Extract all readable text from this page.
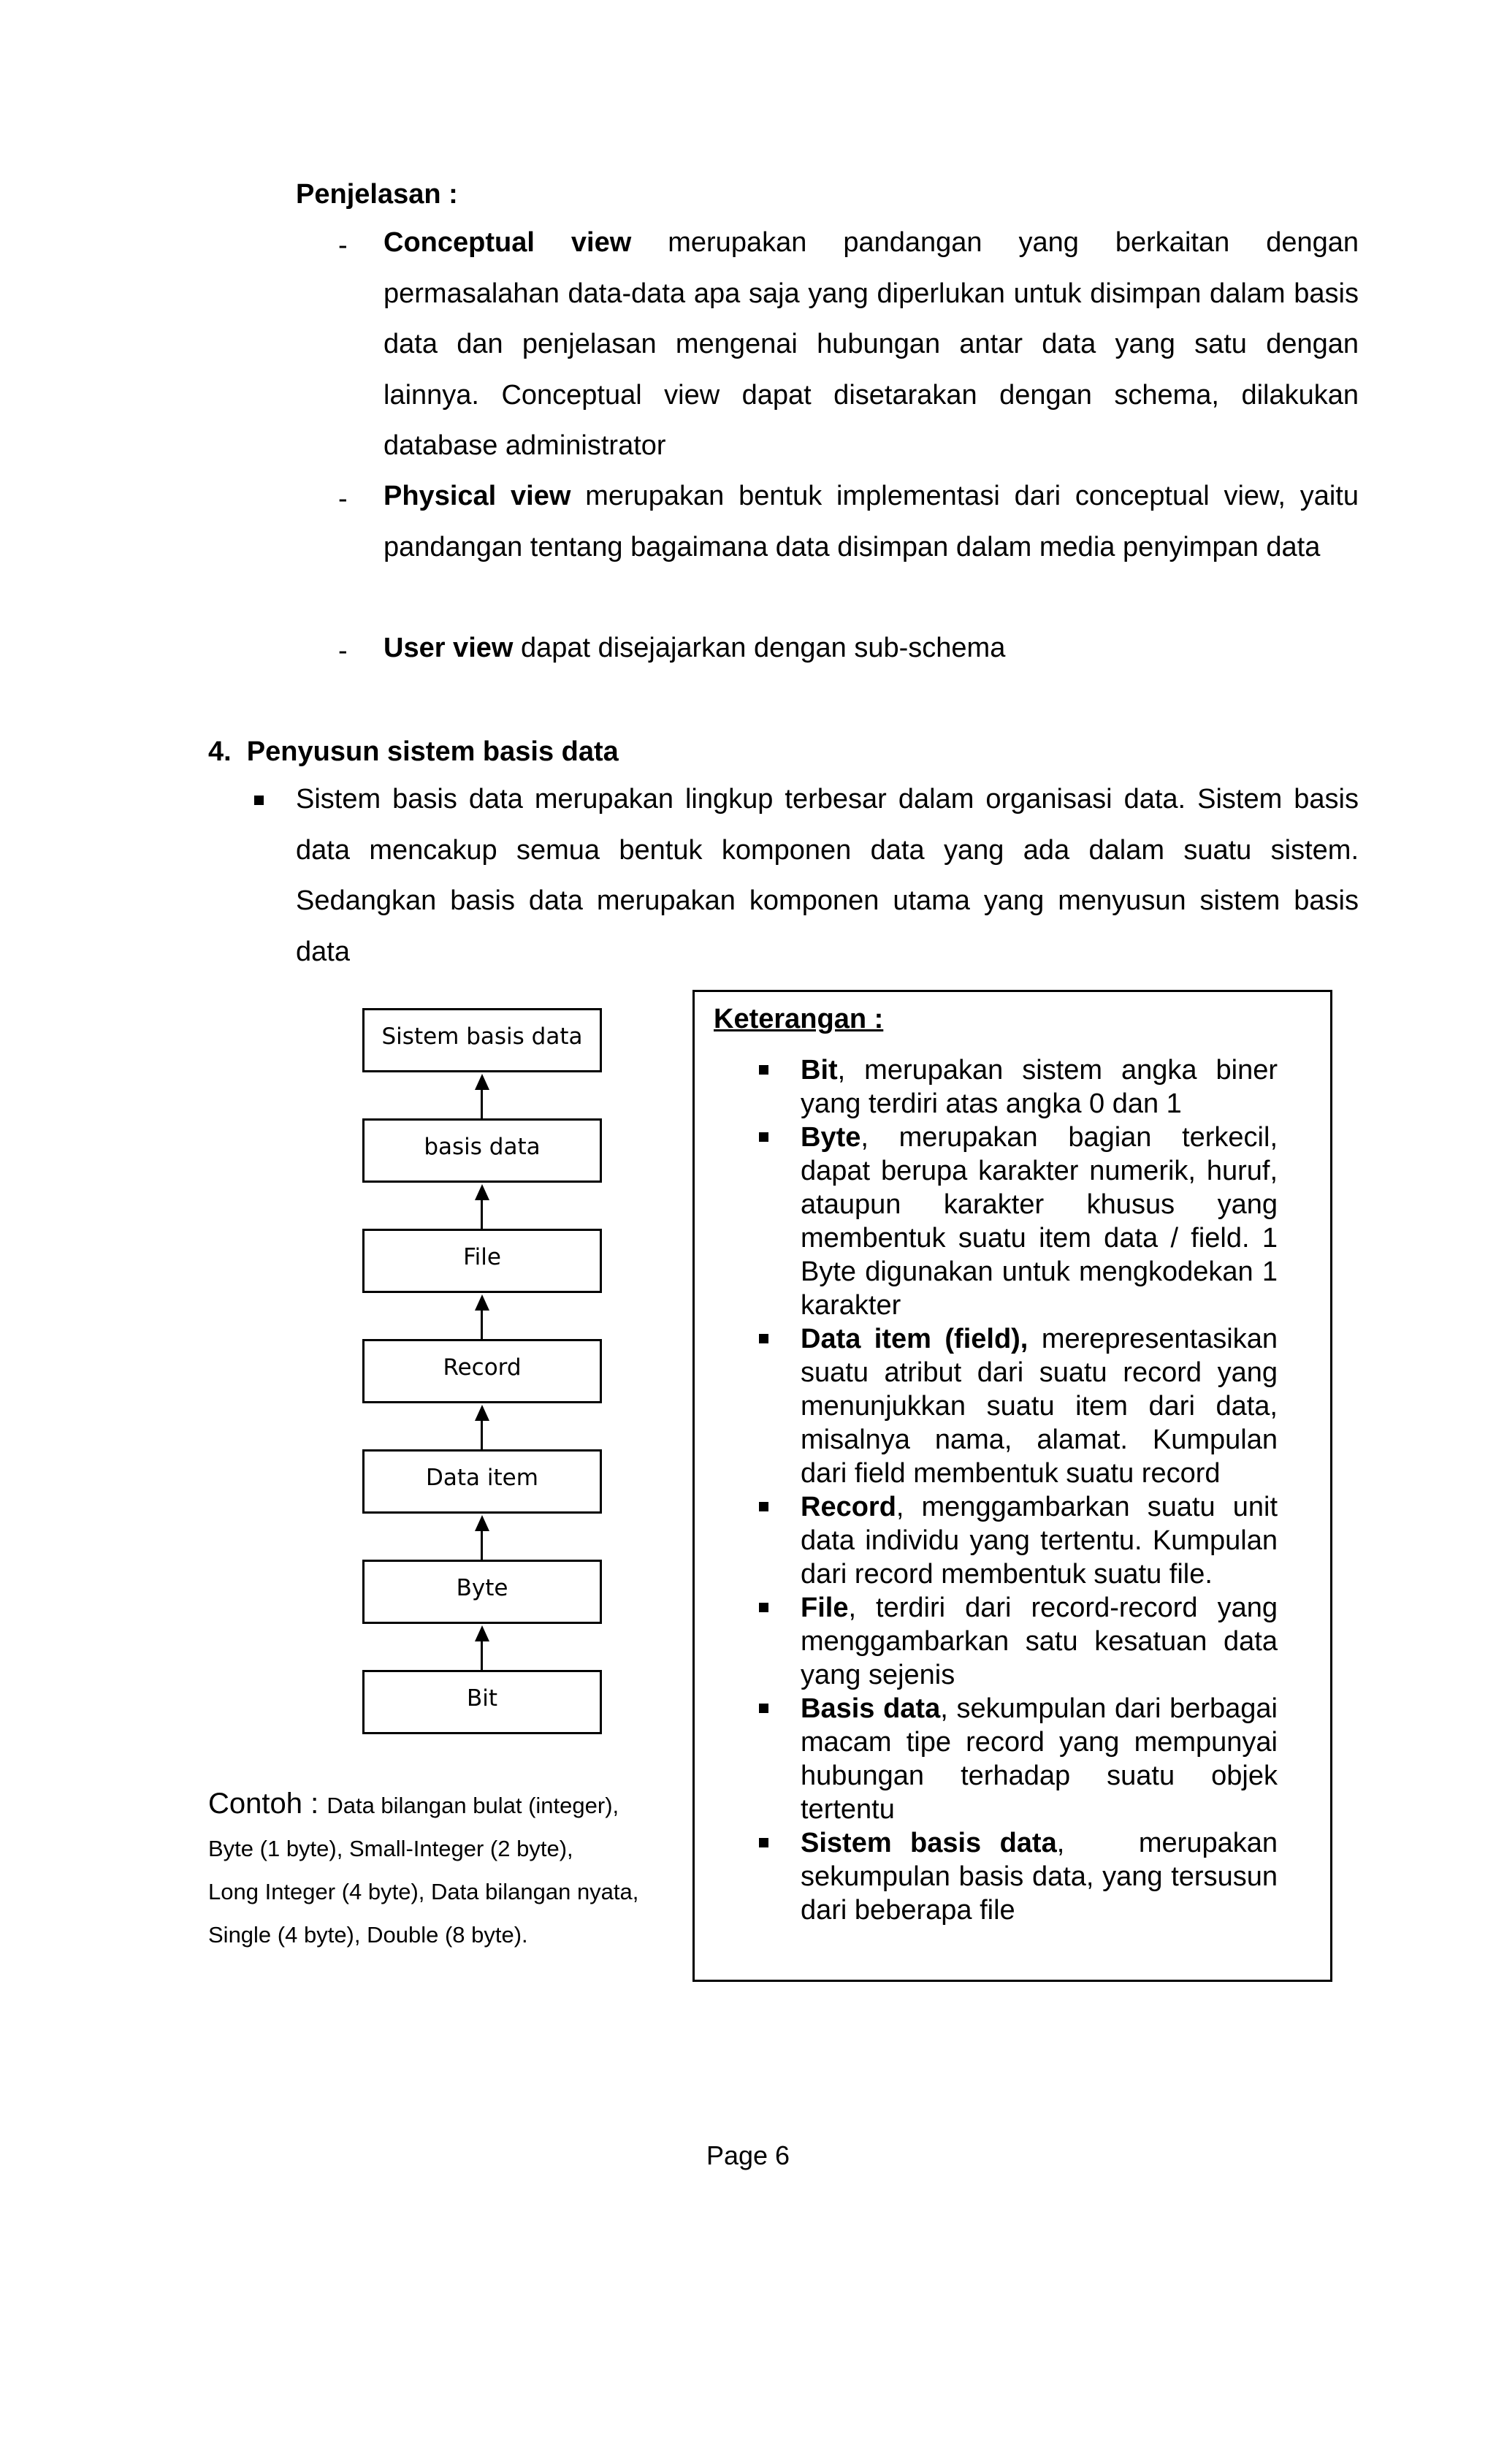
Penjelasan :
- Conceptual view merupakan pandangan yang berkaitan dengan permasalahan data-data apa saja yang diperlukan untuk disimpan dalam basis data dan penjelasan mengenai hubungan antar data yang satu dengan lainnya. Conceptual view dapat disetarakan dengan schema, dilakukan database administrator
- Physical view merupakan bentuk implementasi dari conceptual view, yaitu pandangan tentang bagaimana data disimpan dalam media penyimpan data
- User view dapat disejajarkan dengan sub-schema
4.  Penyusun sistem basis data
Sistem basis data merupakan lingkup terbesar dalam organisasi data. Sistem basis data mencakup semua bentuk komponen data yang ada dalam suatu sistem. Sedangkan basis data merupakan komponen utama yang menyusun sistem basis data
Sistem basis data
basis data
File
Record
Data item
Byte
Bit
Contoh : Data bilangan bulat (integer),
Byte (1 byte), Small-Integer (2 byte),
Long Integer (4 byte), Data bilangan nyata,
Single (4 byte), Double (8 byte).
Keterangan :
Bit, merupakan sistem angka biner yang terdiri atas angka 0 dan 1
Byte, merupakan bagian terkecil, dapat berupa karakter numerik, huruf, ataupun karakter khusus yang membentuk suatu item data / field. 1 Byte digunakan untuk mengkodekan 1 karakter
Data item (field), merepresentasikan suatu atribut dari suatu record yang menunjukkan suatu item dari data, misalnya nama, alamat. Kumpulan dari field membentuk suatu record
Record, menggambarkan suatu unit data individu yang tertentu. Kumpulan dari record membentuk suatu file.
File, terdiri dari record-record yang menggambarkan satu kesatuan data yang sejenis
Basis data, sekumpulan dari berbagai macam tipe record yang mempunyai hubungan terhadap suatu objek tertentu
Sistem basis data,    merupakan sekumpulan basis data, yang tersusun dari beberapa file
Page 6
